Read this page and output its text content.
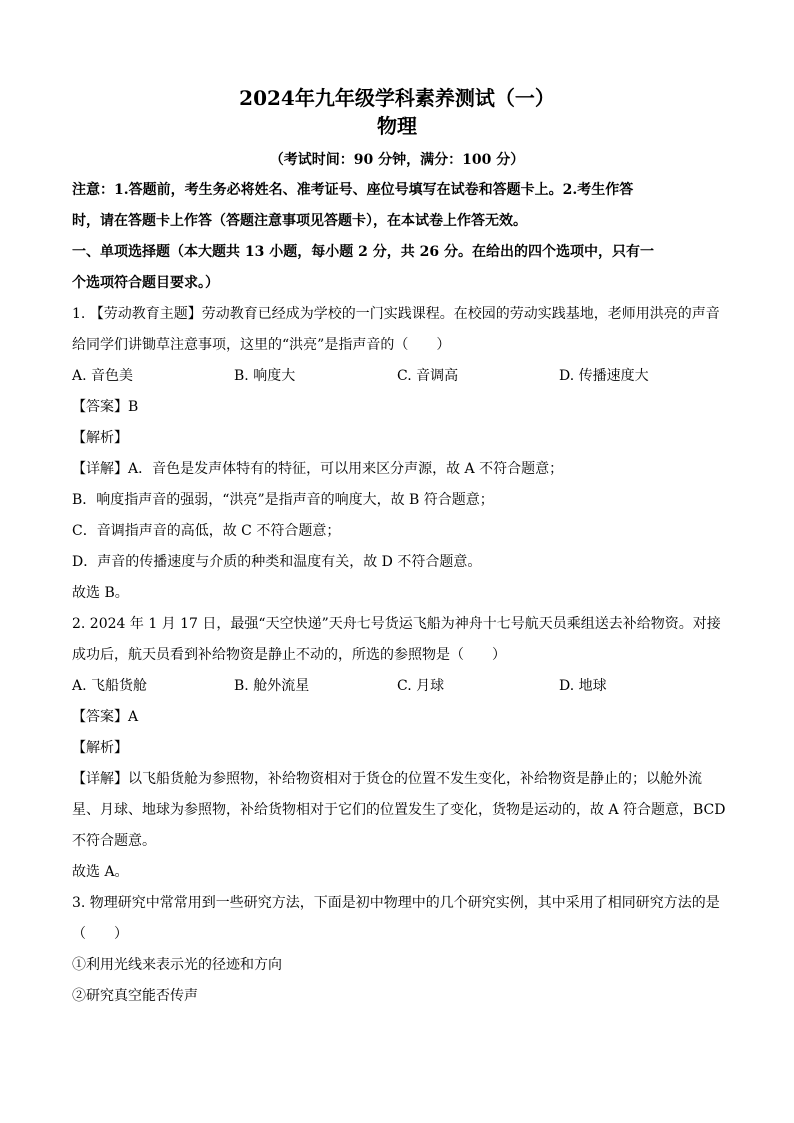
2024年九年级学科素养测试（一）
物理
（考试时间：90 分钟，满分：100 分）
注意：1.答题前，考生务必将姓名、准考证号、座位号填写在试卷和答题卡上。2.考生作答
时，请在答题卡上作答（答题注意事项见答题卡），在本试卷上作答无效。
一、单项选择题（本大题共 13 小题，每小题 2 分，共 26 分。在给出的四个选项中，只有一
个选项符合题目要求。）
1. 【劳动教育主题】劳动教育已经成为学校的一门实践课程。在校园的劳动实践基地，老师用洪亮的声音
给同学们讲锄草注意事项，这里的“洪亮”是指声音的（　　）
A. 音色美	B. 响度大	C. 音调高	D. 传播速度大
【答案】B
【解析】
【详解】A．音色是发声体特有的特征，可以用来区分声源，故 A 不符合题意；
B．响度指声音的强弱，“洪亮”是指声音的响度大，故 B 符合题意；
C．音调指声音的高低，故 C 不符合题意；
D．声音的传播速度与介质的种类和温度有关，故 D 不符合题意。
故选 B。
2. 2024 年 1 月 17 日，最强“天空快递”天舟七号货运飞船为神舟十七号航天员乘组送去补给物资。对接
成功后，航天员看到补给物资是静止不动的，所选的参照物是（　　）
A. 飞船货舱	B. 舱外流星	C. 月球	D. 地球
【答案】A
【解析】
【详解】以飞船货舱为参照物，补给物资相对于货仓的位置不发生变化，补给物资是静止的；以舱外流
星、月球、地球为参照物，补给货物相对于它们的位置发生了变化，货物是运动的，故 A 符合题意，BCD
不符合题意。
故选 A。
3. 物理研究中常常用到一些研究方法，下面是初中物理中的几个研究实例，其中采用了相同研究方法的是
（　　）
①利用光线来表示光的径迹和方向
②研究真空能否传声
